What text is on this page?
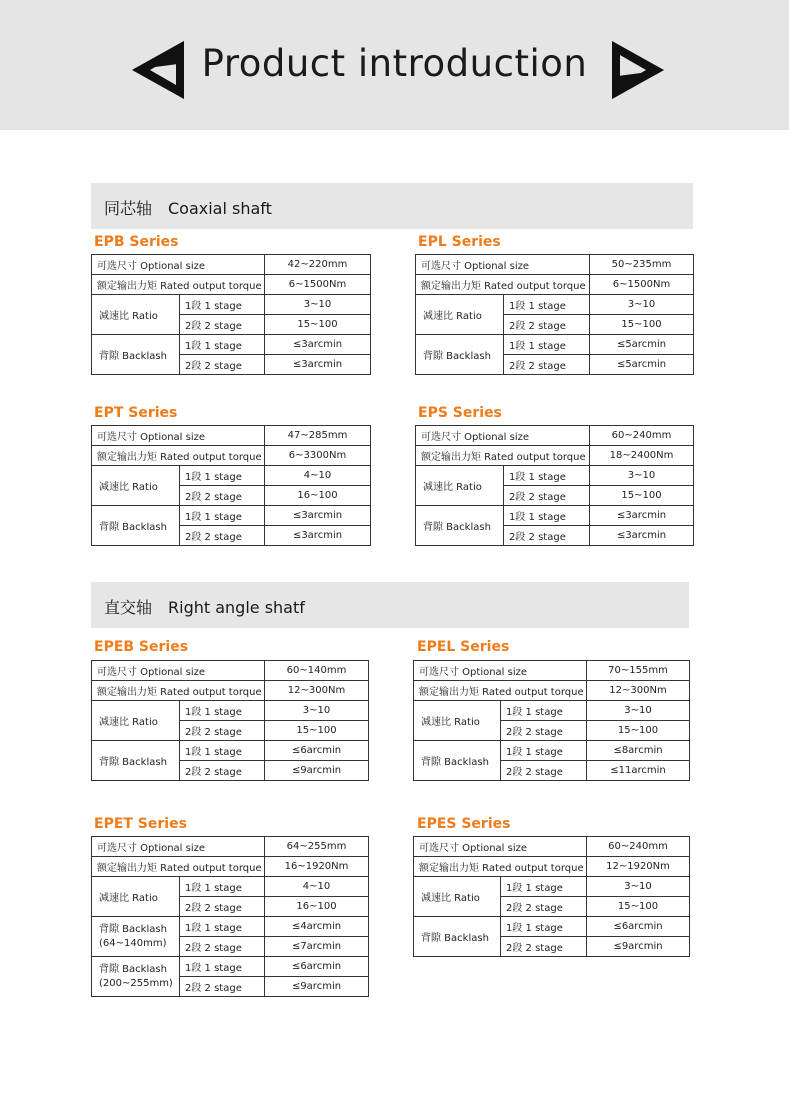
Product introduction
同芯轴　Coaxial shaft
直交轴　Right angle shatf
EPB Series
可选尺寸 Optional size		42~220mm
额定输出力矩 Rated output torque		6~1500Nm
减速比 Ratio	1段 1 stage	3~10
	2段 2 stage	15~100
背隙 Backlash	1段 1 stage	≤3arcmin
	2段 2 stage	≤3arcmin
EPL Series
可选尺寸 Optional size		50~235mm
额定输出力矩 Rated output torque		6~1500Nm
减速比 Ratio	1段 1 stage	3~10
	2段 2 stage	15~100
背隙 Backlash	1段 1 stage	≤5arcmin
	2段 2 stage	≤5arcmin
EPT Series
可选尺寸 Optional size		47~285mm
额定输出力矩 Rated output torque		6~3300Nm
减速比 Ratio	1段 1 stage	4~10
	2段 2 stage	16~100
背隙 Backlash	1段 1 stage	≤3arcmin
	2段 2 stage	≤3arcmin
EPS Series
可选尺寸 Optional size		60~240mm
额定输出力矩 Rated output torque		18~2400Nm
减速比 Ratio	1段 1 stage	3~10
	2段 2 stage	15~100
背隙 Backlash	1段 1 stage	≤3arcmin
	2段 2 stage	≤3arcmin
EPEB Series
可选尺寸 Optional size		60~140mm
额定输出力矩 Rated output torque		12~300Nm
减速比 Ratio	1段 1 stage	3~10
	2段 2 stage	15~100
背隙 Backlash	1段 1 stage	≤6arcmin
	2段 2 stage	≤9arcmin
EPEL Series
可选尺寸 Optional size		70~155mm
额定输出力矩 Rated output torque		12~300Nm
减速比 Ratio	1段 1 stage	3~10
	2段 2 stage	15~100
背隙 Backlash	1段 1 stage	≤8arcmin
	2段 2 stage	≤11arcmin
EPET Series
可选尺寸 Optional size		64~255mm
额定输出力矩 Rated output torque		16~1920Nm
减速比 Ratio	1段 1 stage	4~10
	2段 2 stage	16~100

背隙 Backlash
(64~140mm)	1段 1 stage	≤4arcmin
	2段 2 stage	≤7arcmin

背隙 Backlash
(200~255mm)	1段 1 stage	≤6arcmin
	2段 2 stage	≤9arcmin
EPES Series
可选尺寸 Optional size		60~240mm
额定输出力矩 Rated output torque		12~1920Nm
减速比 Ratio	1段 1 stage	3~10
	2段 2 stage	15~100
背隙 Backlash	1段 1 stage	≤6arcmin
	2段 2 stage	≤9arcmin
